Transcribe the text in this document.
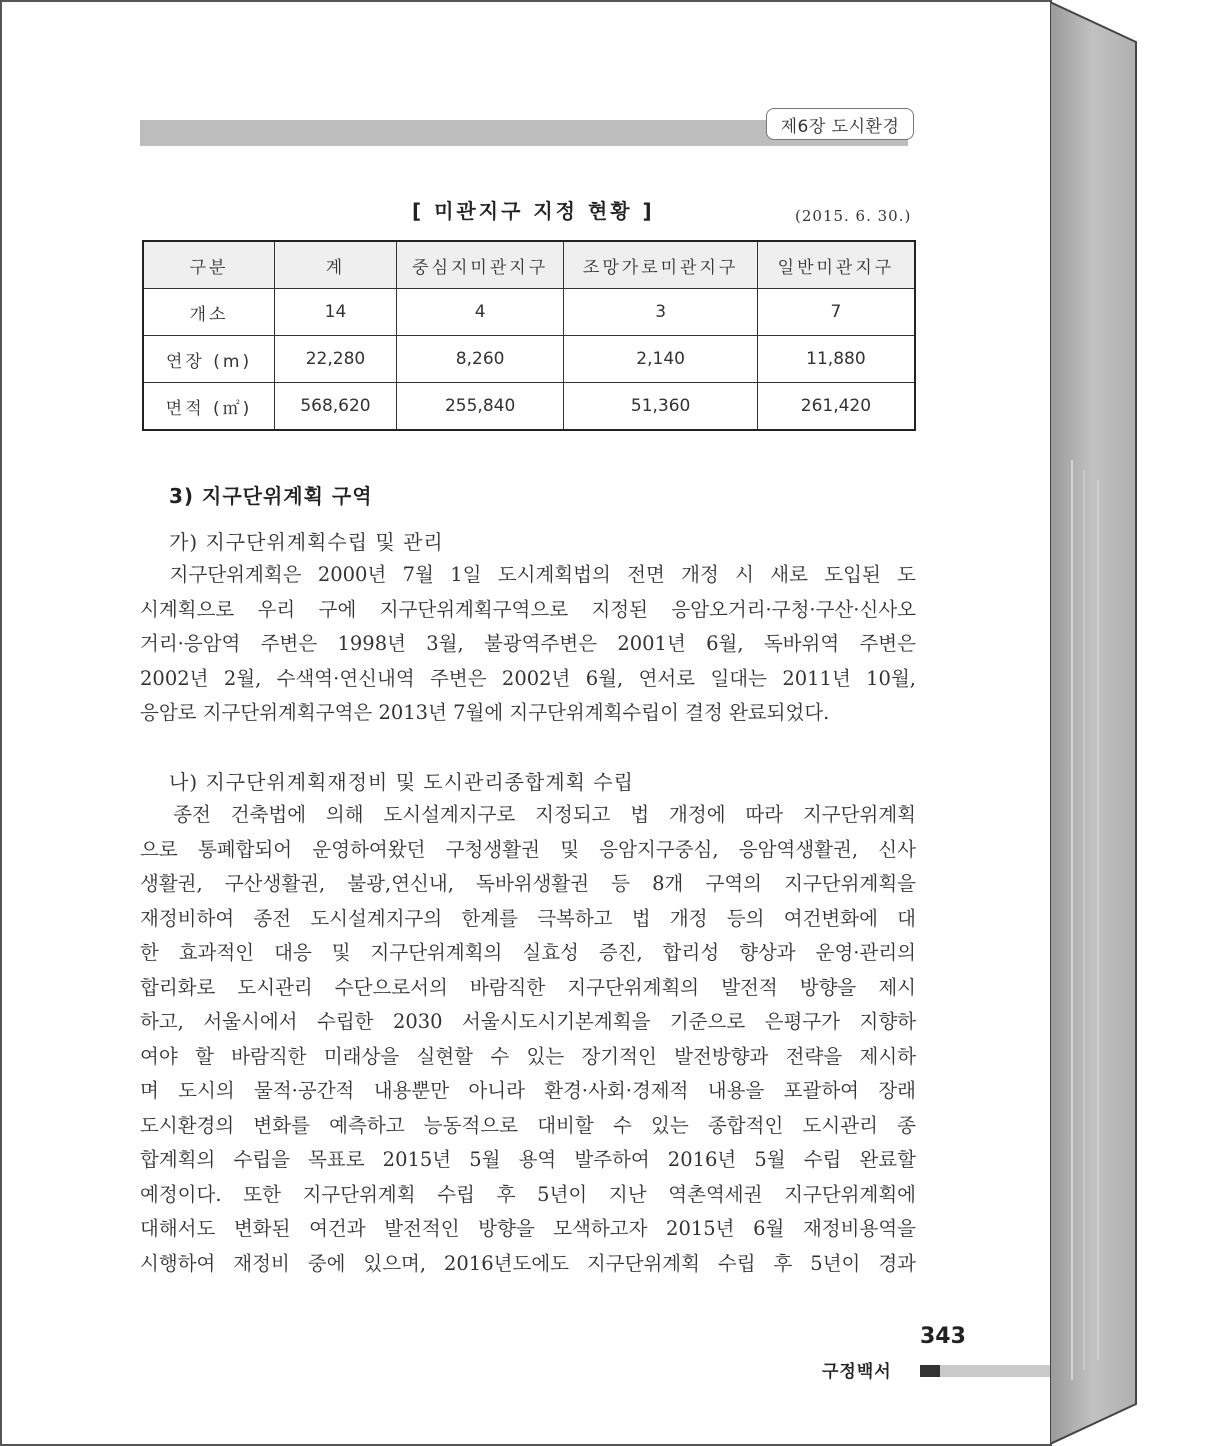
제6장 도시환경
[ 미관지구 지정 현황 ]	(2015. 6. 30.)
구분	계	중심지미관지구	조망가로미관지구	일반미관지구
개소	14	4	3	7
연장 (m)	22,280	8,260	2,140	11,880
면적 (㎡)	568,620	255,840	51,360	261,420
3) 지구단위계획 구역
가) 지구단위계획수립 및 관리
　지구단위계획은 2000년 7월 1일 도시계획법의 전면 개정 시 새로 도입된 도
시계획으로 우리 구에 지구단위계획구역으로 지정된 응암오거리·구청·구산·신사오
거리·응암역 주변은 1998년 3월, 불광역주변은 2001년 6월, 독바위역 주변은
2002년 2월, 수색역·연신내역 주변은 2002년 6월, 연서로 일대는 2011년 10월,
응암로 지구단위계획구역은 2013년 7월에 지구단위계획수립이 결정 완료되었다.
나) 지구단위계획재정비 및 도시관리종합계획 수립
　종전 건축법에 의해 도시설계지구로 지정되고 법 개정에 따라 지구단위계획
으로 통폐합되어 운영하여왔던 구청생활권 및 응암지구중심, 응암역생활권, 신사
생활권, 구산생활권, 불광,연신내, 독바위생활권 등 8개 구역의 지구단위계획을
재정비하여 종전 도시설계지구의 한계를 극복하고 법 개정 등의 여건변화에 대
한 효과적인 대응 및 지구단위계획의 실효성 증진, 합리성 향상과 운영·관리의
합리화로 도시관리 수단으로서의 바람직한 지구단위계획의 발전적 방향을 제시
하고, 서울시에서 수립한 2030 서울시도시기본계획을 기준으로 은평구가 지향하
여야 할 바람직한 미래상을 실현할 수 있는 장기적인 발전방향과 전략을 제시하
며 도시의 물적·공간적 내용뿐만 아니라 환경·사회·경제적 내용을 포괄하여 장래
도시환경의 변화를 예측하고 능동적으로 대비할 수 있는 종합적인 도시관리 종
합계획의 수립을 목표로 2015년 5월 용역 발주하여 2016년 5월 수립 완료할
예정이다. 또한 지구단위계획 수립 후 5년이 지난 역촌역세권 지구단위계획에
대해서도 변화된 여건과 발전적인 방향을 모색하고자 2015년 6월 재정비용역을
시행하여 재정비 중에 있으며, 2016년도에도 지구단위계획 수립 후 5년이 경과
343
구정백서
